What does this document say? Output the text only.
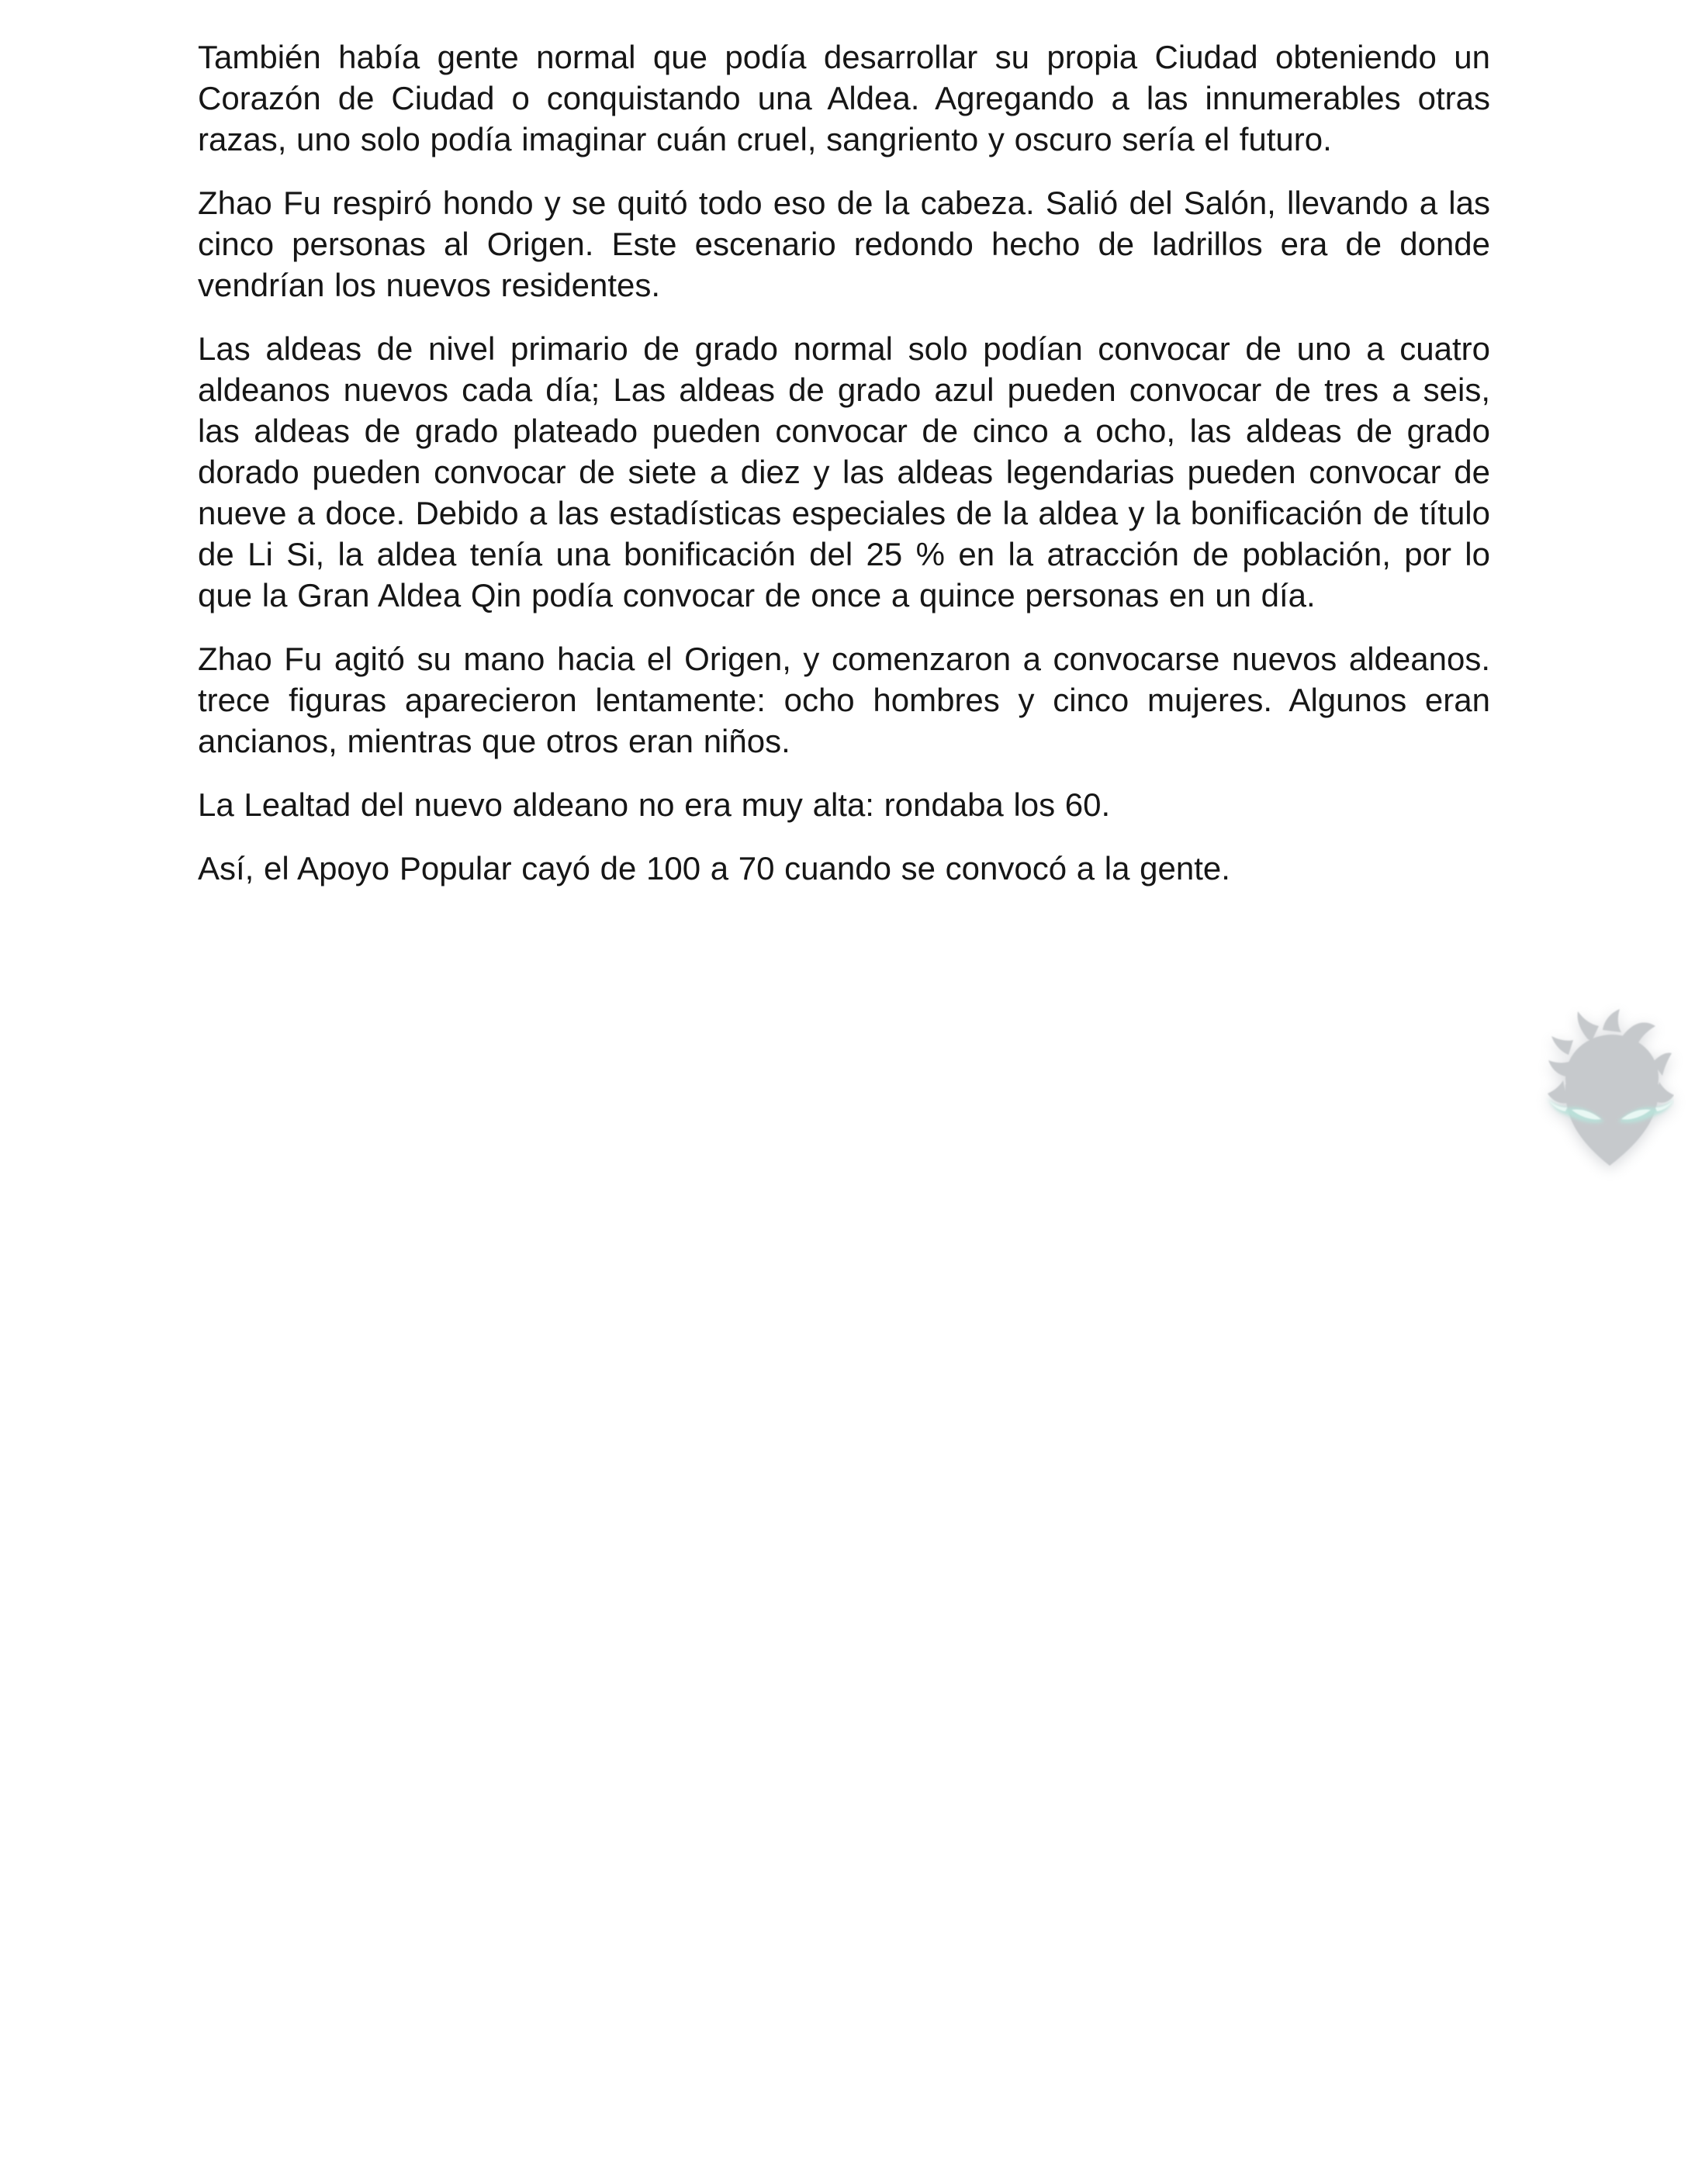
También había gente normal que podía desarrollar su propia Ciudad obteniendo un Corazón de Ciudad o conquistando una Aldea. Agregando a las innumerables otras razas, uno solo podía imaginar cuán cruel, sangriento y oscuro sería el futuro.

Zhao Fu respiró hondo y se quitó todo eso de la cabeza. Salió del Salón, llevando a las cinco personas al Origen. Este escenario redondo hecho de ladrillos era de donde vendrían los nuevos residentes.

Las aldeas de nivel primario de grado normal solo podían convocar de uno a cuatro aldeanos nuevos cada día; Las aldeas de grado azul pueden convocar de tres a seis, las aldeas de grado plateado pueden convocar de cinco a ocho, las aldeas de grado dorado pueden convocar de siete a diez y las aldeas legendarias pueden convocar de nueve a doce. Debido a las estadísticas especiales de la aldea y la bonificación de título de Li Si, la aldea tenía una bonificación del 25 % en la atracción de población, por lo que la Gran Aldea Qin podía convocar de once a quince personas en un día.

Zhao Fu agitó su mano hacia el Origen, y comenzaron a convocarse nuevos aldeanos. trece figuras aparecieron lentamente: ocho hombres y cinco mujeres. Algunos eran ancianos, mientras que otros eran niños.

La Lealtad del nuevo aldeano no era muy alta: rondaba los 60.

Así, el Apoyo Popular cayó de 100 a 70 cuando se convocó a la gente.
